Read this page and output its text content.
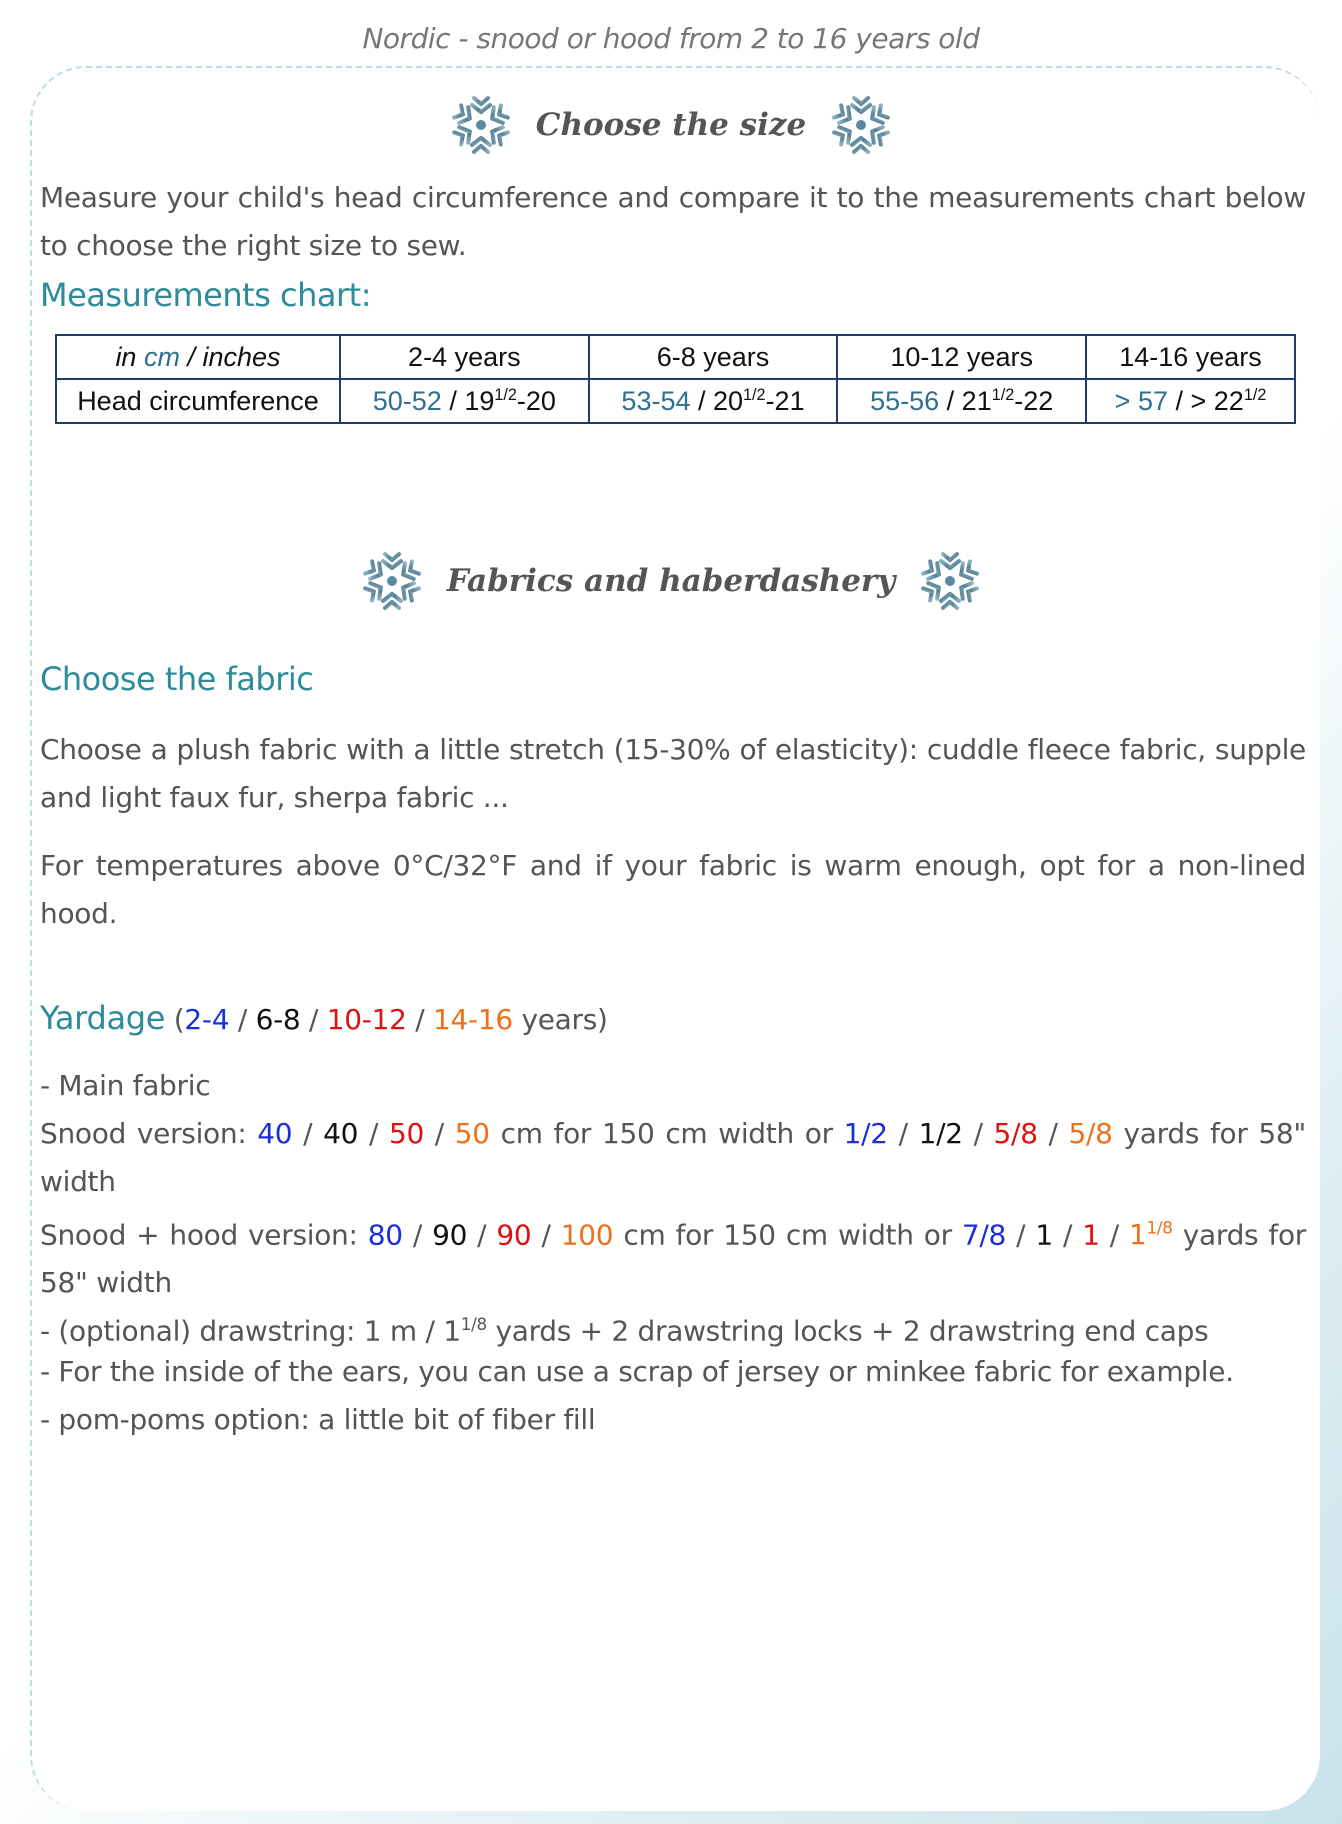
Nordic - snood or hood from 2 to 16 years old
Choose the size
Measure your child's head circumference and compare it to the measurements chart below to choose the right size to sew.
Measurements chart:
in cm / inches	2-4 years	6-8 years	10-12 years	14-16 years
Head circumference	$50-52 / 19^{1/2}-20$	$53-54 / 20^{1/2}-21$	$55-56 / 21^{1/2}-22$	> 57 / > $22^{1/2}$
Fabrics and haberdashery
Choose the fabric
Choose a plush fabric with a little stretch (15-30% of elasticity): cuddle fleece fabric, supple and light faux fur, sherpa fabric ...
For temperatures above 0°C/32°F and if your fabric is warm enough, opt for a non-lined hood.
Yardage (2-4 / 6-8 / 10-12 / 14-16 years)
- Main fabric
Snood version: 40 / 40 / 50 / 50 cm for 150 cm width or 1/2 / 1/2 / 5/8 / 5/8 yards for 58" width
Snood + hood version: 80 / 90 / 90 / 100 cm for 150 cm width or $7/8 / 1 / 1 / 1^{1/8}$ yards for 58" width
- (optional) drawstring: 1 m / $1^{1/8}$ yards + 2 drawstring locks + 2 drawstring end caps
- For the inside of the ears, you can use a scrap of jersey or minkee fabric for example.
- pom-poms option: a little bit of fiber fill
